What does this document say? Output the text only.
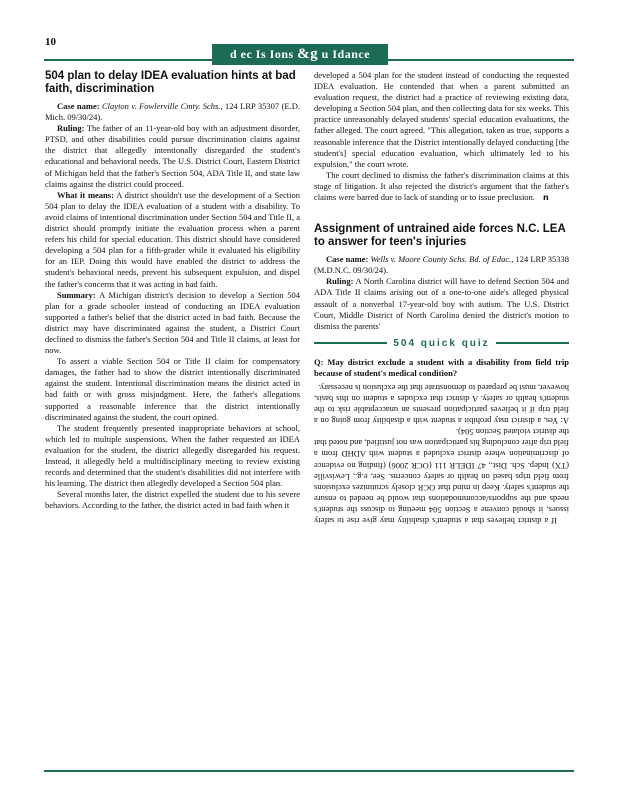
10
d ec Is Ions &g u Idance
504 plan to delay IDEA evaluation hints at bad faith, discrimination

Case name: Clayton v. Fowlerville Cmty. Schs., 124 LRP 35307 (E.D. Mich. 09/30/24).

Ruling: The father of an 11-year-old boy with an adjustment disorder, PTSD, and other disabilities could pursue discrimination claims against the district that allegedly intentionally disregarded the student's educational and behavioral needs. The U.S. District Court, Eastern District of Michigan held that the father's Section 504, ADA Title II, and state law claims against the district could proceed.

What it means: A district shouldn't use the development of a Section 504 plan to delay the IDEA evaluation of a student with a disability. To avoid claims of intentional discrimination under Section 504 and Title II, a district should promptly initiate the evaluation process when a parent refers his child for special education. This district should have considered developing a 504 plan for a fifth-grader while it evaluated his eligibility for an IEP. Doing this would have enabled the district to address the student's behavioral needs, prevent his subsequent expulsion, and dispel the father's concerns that it was acting in bad faith.

Summary: A Michigan district's decision to develop a Section 504 plan for a grade schooler instead of conducting an IDEA evaluation supported a father's belief that the district acted in bad faith. Because the district may have discriminated against the student, a District Court declined to dismiss the father's Section 504 and Title II claims, at least for now.

To assert a viable Section 504 or Title II claim for compensatory damages, the father had to show the district intentionally discriminated against the student. Intentional discrimination means the district acted in bad faith or with gross misjudgment. Here, the father's allegations supported a reasonable inference that the district intentionally discriminated against the student, the court opined.

The student frequently presented inappropriate behaviors at school, which led to multiple suspensions. When the father requested an IDEA evaluation for the student, the district allegedly disregarded his request. Instead, it allegedly held a multidisciplinary meeting to review existing records and determined that the student's disabilities did not interfere with his learning. The district then allegedly developed a Section 504 plan.

Several months later, the district expelled the student due to his severe behaviors. According to the father, the district acted in bad faith when it

developed a 504 plan for the student instead of conducting the requested IDEA evaluation. He contended that when a parent submitted an evaluation request, the district had a practice of reviewing existing data, developing a Section 504 plan, and then collecting data for six weeks. This practice unreasonably delayed students' special education evaluations, the father alleged. The court agreed. "This allegation, taken as true, supports a reasonable inference that the District intentionally delayed conducting [the student's] special education evaluation, which ultimately led to his expulsion," the court wrote.

The court declined to dismiss the father's discrimination claims at this stage of litigation. It also rejected the district's argument that the father's claims were barred due to lack of standing or to issue preclusion. n

Assignment of untrained aide forces N.C. LEA to answer for teen's injuries

Case name: Wells v. Moore County Schs. Bd. of Educ., 124 LRP 35338 (M.D.N.C. 09/30/24).

Ruling: A North Carolina district will have to defend Section 504 and ADA Title II claims arising out of a one-to-one aide's alleged physical assault of a nonverbal 17-year-old boy with autism. The U.S. District Court, Middle District of North Carolina denied the district's motion to dismiss the parents'

504 quick quiz

Q: May district exclude a student with a disability from field trip because of student's medical condition?

If a district believes that a student's disability may give rise to safety issues, it should convene a Section 504 meeting to discuss the student's needs and the supports/accommodations that would be needed to ensure the student's safety. Keep in mind that OCR closely scrutinizes exclusions from field trips based on health or safety concerns. See, e.g., Lewisville (TX) Indep. Sch. Dist., 47 IDELR 111 (OCR 2006) (finding no evidence of discrimination where district excluded a student with ADHD from a field trip after concluding his participation was not justified, and noted that the district violated Section 504).

A: Yes, a district may prohibit a student with a disability from going on a field trip if it believes participation presents an unacceptable risk to the student's health or safety. A district that excludes a student on this basis, however, must be prepared to demonstrate that the exclusion is necessary.
